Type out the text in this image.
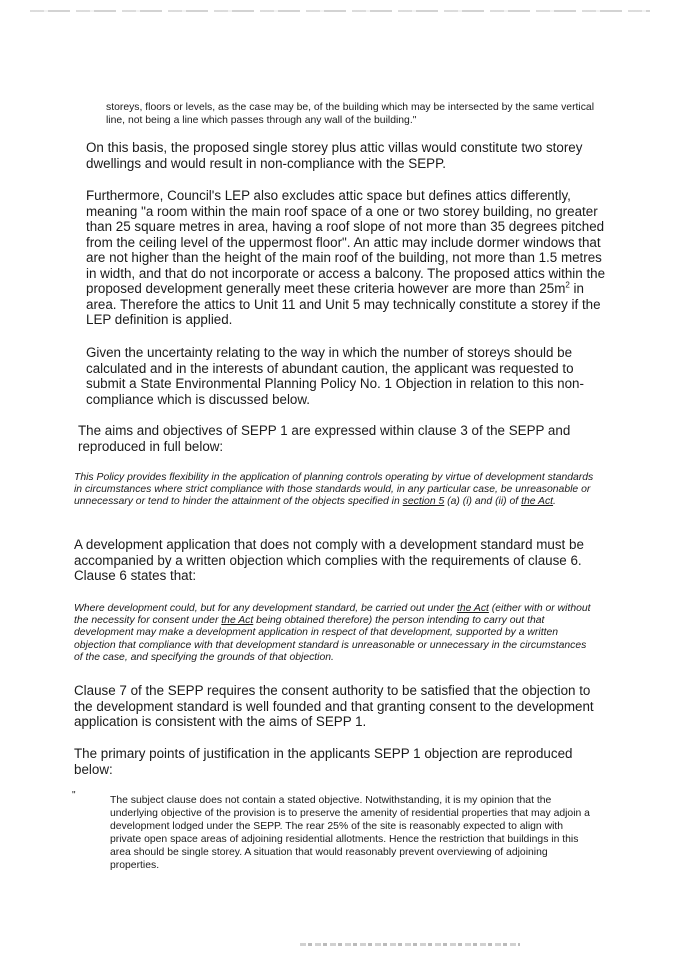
storeys, floors or levels, as the case may be, of the building which may be intersected by the same vertical line, not being a line which passes through any wall of the building."

On this basis, the proposed single storey plus attic villas would constitute two storey dwellings and would result in non-compliance with the SEPP.

Furthermore, Council's LEP also excludes attic space but defines attics differently, meaning "a room within the main roof space of a one or two storey building, no greater than 25 square metres in area, having a roof slope of not more than 35 degrees pitched from the ceiling level of the uppermost floor". An attic may include dormer windows that are not higher than the height of the main roof of the building, not more than 1.5 metres in width, and that do not incorporate or access a balcony. The proposed attics within the proposed development generally meet these criteria however are more than $25m^2$ in area. Therefore the attics to Unit 11 and Unit 5 may technically constitute a storey if the LEP definition is applied.

Given the uncertainty relating to the way in which the number of storeys should be calculated and in the interests of abundant caution, the applicant was requested to submit a State Environmental Planning Policy No. 1 Objection in relation to this non-compliance which is discussed below.

The aims and objectives of SEPP 1 are expressed within clause 3 of the SEPP and reproduced in full below:

This Policy provides flexibility in the application of planning controls operating by virtue of development standards in circumstances where strict compliance with those standards would, in any particular case, be unreasonable or unnecessary or tend to hinder the attainment of the objects specified in section 5 (a) (i) and (ii) of the Act.

A development application that does not comply with a development standard must be accompanied by a written objection which complies with the requirements of clause 6. Clause 6 states that:

Where development could, but for any development standard, be carried out under the Act (either with or without the necessity for consent under the Act being obtained therefore) the person intending to carry out that development may make a development application in respect of that development, supported by a written objection that compliance with that development standard is unreasonable or unnecessary in the circumstances of the case, and specifying the grounds of that objection.

Clause 7 of the SEPP requires the consent authority to be satisfied that the objection to the development standard is well founded and that granting consent to the development application is consistent with the aims of SEPP 1.

The primary points of justification in the applicants SEPP 1 objection are reproduced below:

"	The subject clause does not contain a stated objective. Notwithstanding, it is my opinion that the underlying objective of the provision is to preserve the amenity of residential properties that may adjoin a development lodged under the SEPP. The rear 25% of the site is reasonably expected to align with private open space areas of adjoining residential allotments. Hence the restriction that buildings in this area should be single storey. A situation that would reasonably prevent overviewing of adjoining properties.
